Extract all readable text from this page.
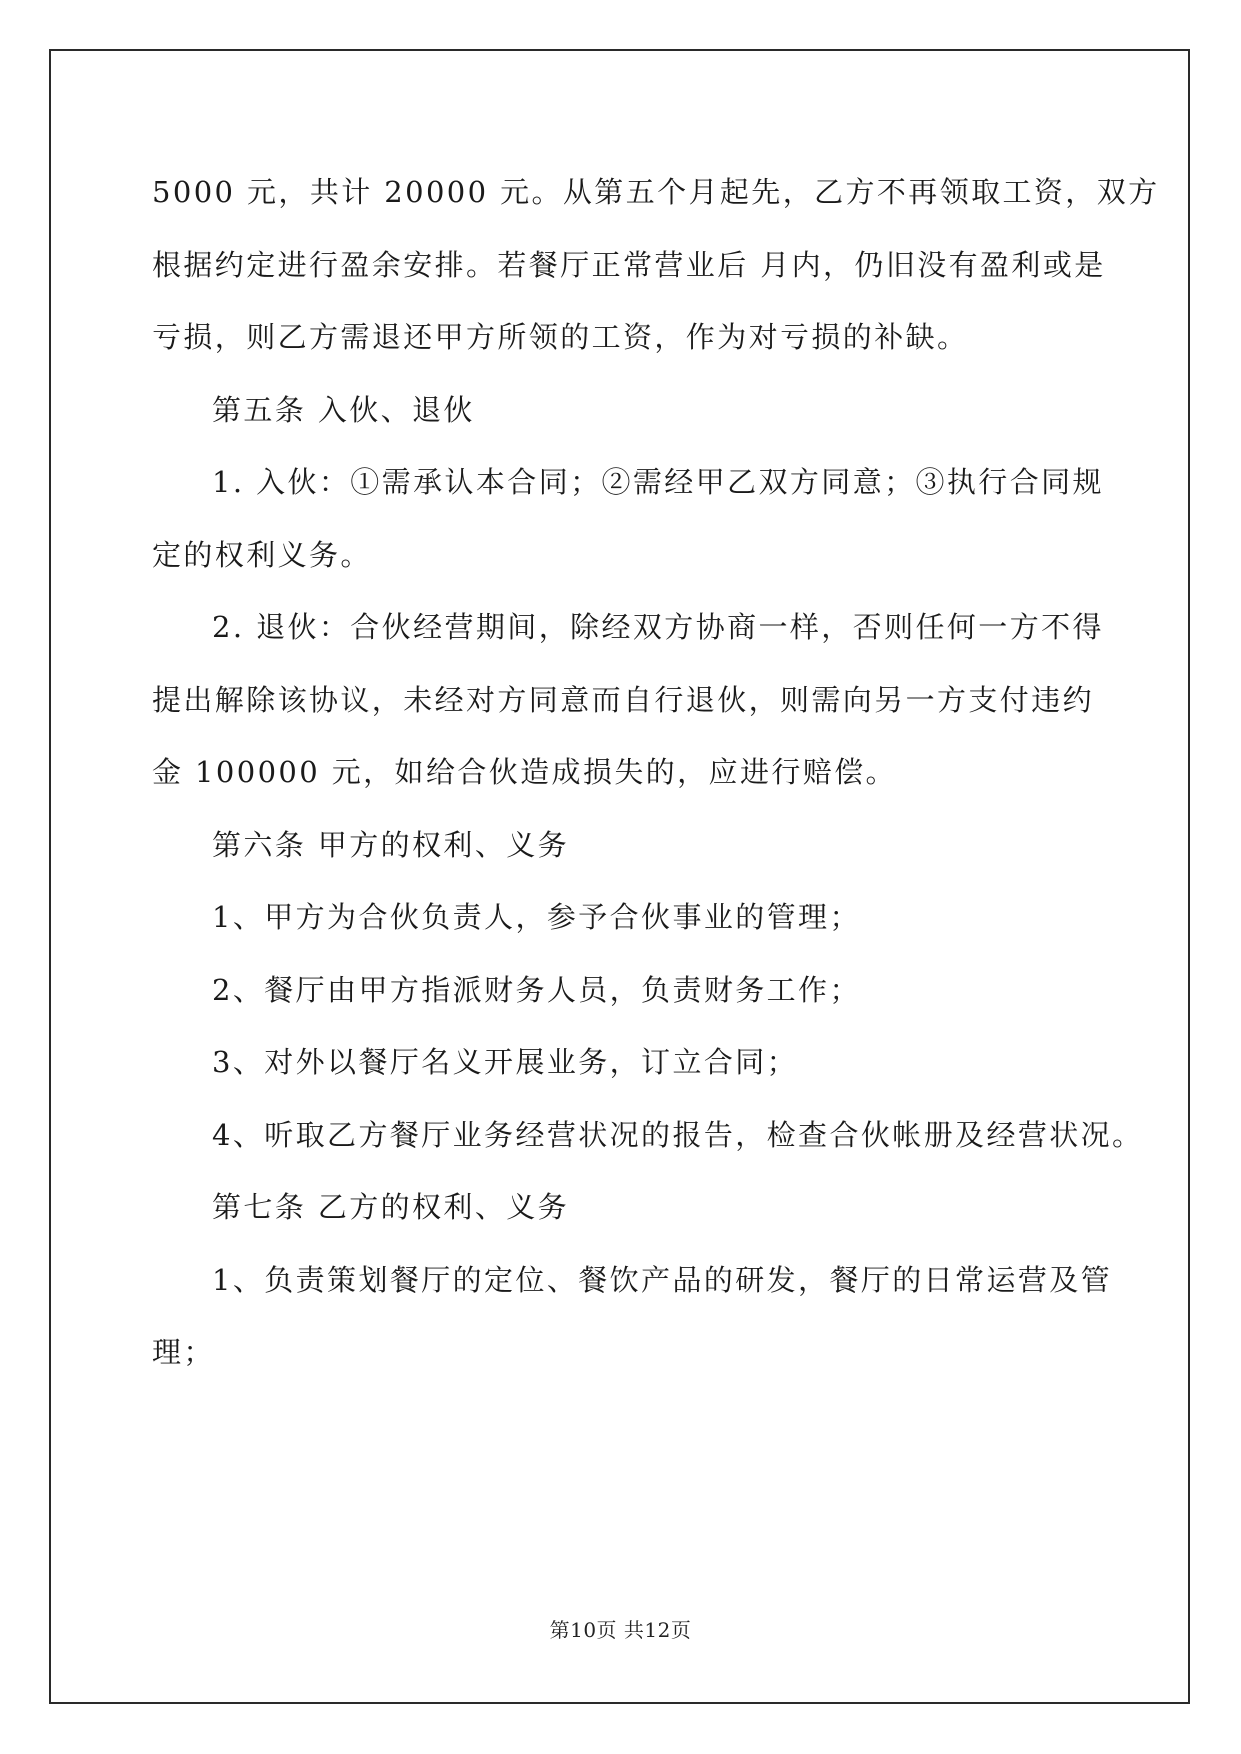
5000 元，共计 20000 元。从第五个月起先，乙方不再领取工资，双方
根据约定进行盈余安排。若餐厅正常营业后 月内，仍旧没有盈利或是
亏损，则乙方需退还甲方所领的工资，作为对亏损的补缺。
第五条 入伙、退伙
1. 入伙：①需承认本合同；②需经甲乙双方同意；③执行合同规
定的权利义务。
2. 退伙：合伙经营期间，除经双方协商一样，否则任何一方不得
提出解除该协议，未经对方同意而自行退伙，则需向另一方支付违约
金 100000 元，如给合伙造成损失的，应进行赔偿。
第六条 甲方的权利、义务
1、甲方为合伙负责人，参予合伙事业的管理；
2、餐厅由甲方指派财务人员，负责财务工作；
3、对外以餐厅名义开展业务，订立合同；
4、听取乙方餐厅业务经营状况的报告，检查合伙帐册及经营状况。
第七条 乙方的权利、义务
1、负责策划餐厅的定位、餐饮产品的研发，餐厅的日常运营及管
理；
第10页 共12页
